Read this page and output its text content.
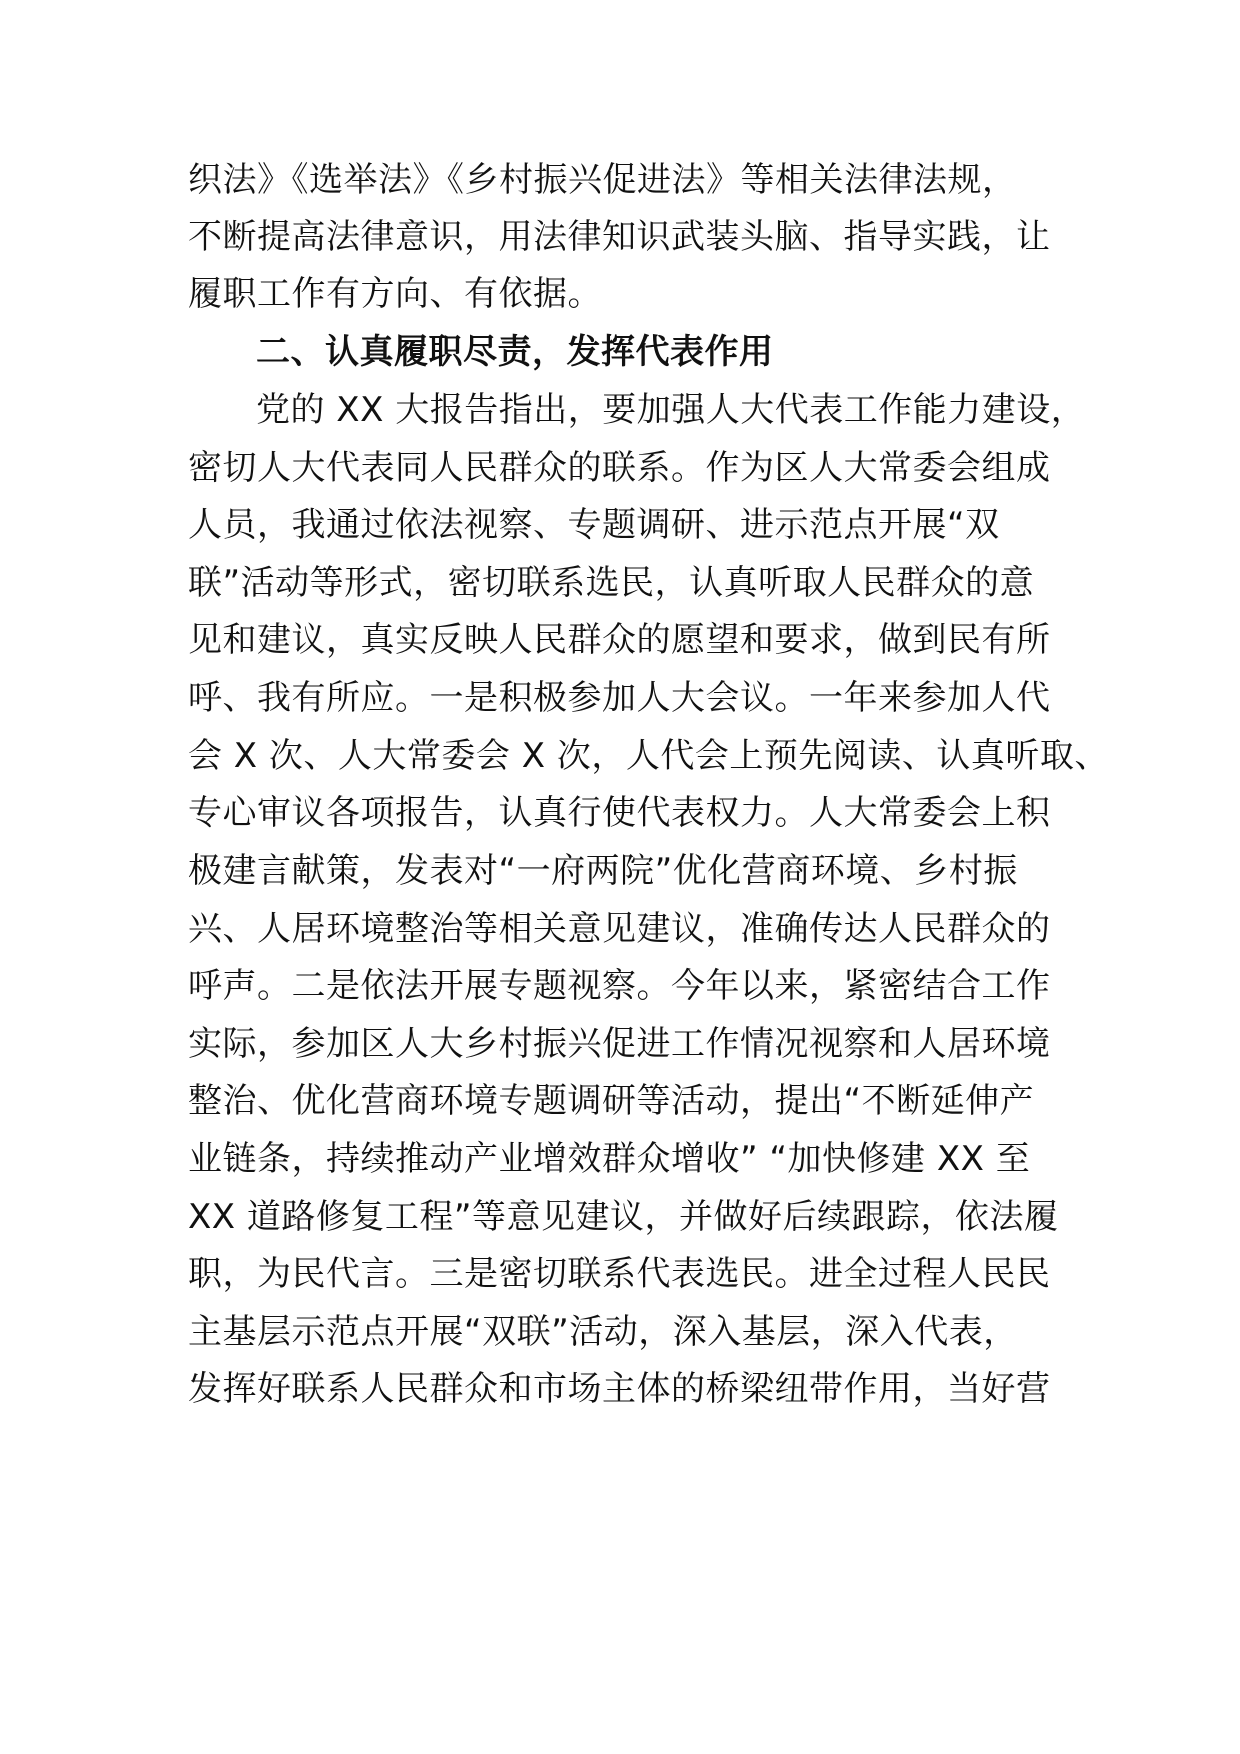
织法》《选举法》《乡村振兴促进法》等相关法律法规，
不断提高法律意识，用法律知识武装头脑、指导实践，让
履职工作有方向、有依据。
二、认真履职尽责，发挥代表作用
党的 XX 大报告指出，要加强人大代表工作能力建设，
密切人大代表同人民群众的联系。作为区人大常委会组成
人员，我通过依法视察、专题调研、进示范点开展“双
联”活动等形式，密切联系选民，认真听取人民群众的意
见和建议，真实反映人民群众的愿望和要求，做到民有所
呼、我有所应。一是积极参加人大会议。一年来参加人代
会 X 次、人大常委会 X 次，人代会上预先阅读、认真听取、
专心审议各项报告，认真行使代表权力。人大常委会上积
极建言献策，发表对“一府两院”优化营商环境、乡村振
兴、人居环境整治等相关意见建议，准确传达人民群众的
呼声。二是依法开展专题视察。今年以来，紧密结合工作
实际，参加区人大乡村振兴促进工作情况视察和人居环境
整治、优化营商环境专题调研等活动，提出“不断延伸产
业链条，持续推动产业增效群众增收” “加快修建 XX 至
XX 道路修复工程”等意见建议，并做好后续跟踪，依法履
职，为民代言。三是密切联系代表选民。进全过程人民民
主基层示范点开展“双联”活动，深入基层，深入代表，
发挥好联系人民群众和市场主体的桥梁纽带作用，当好营
